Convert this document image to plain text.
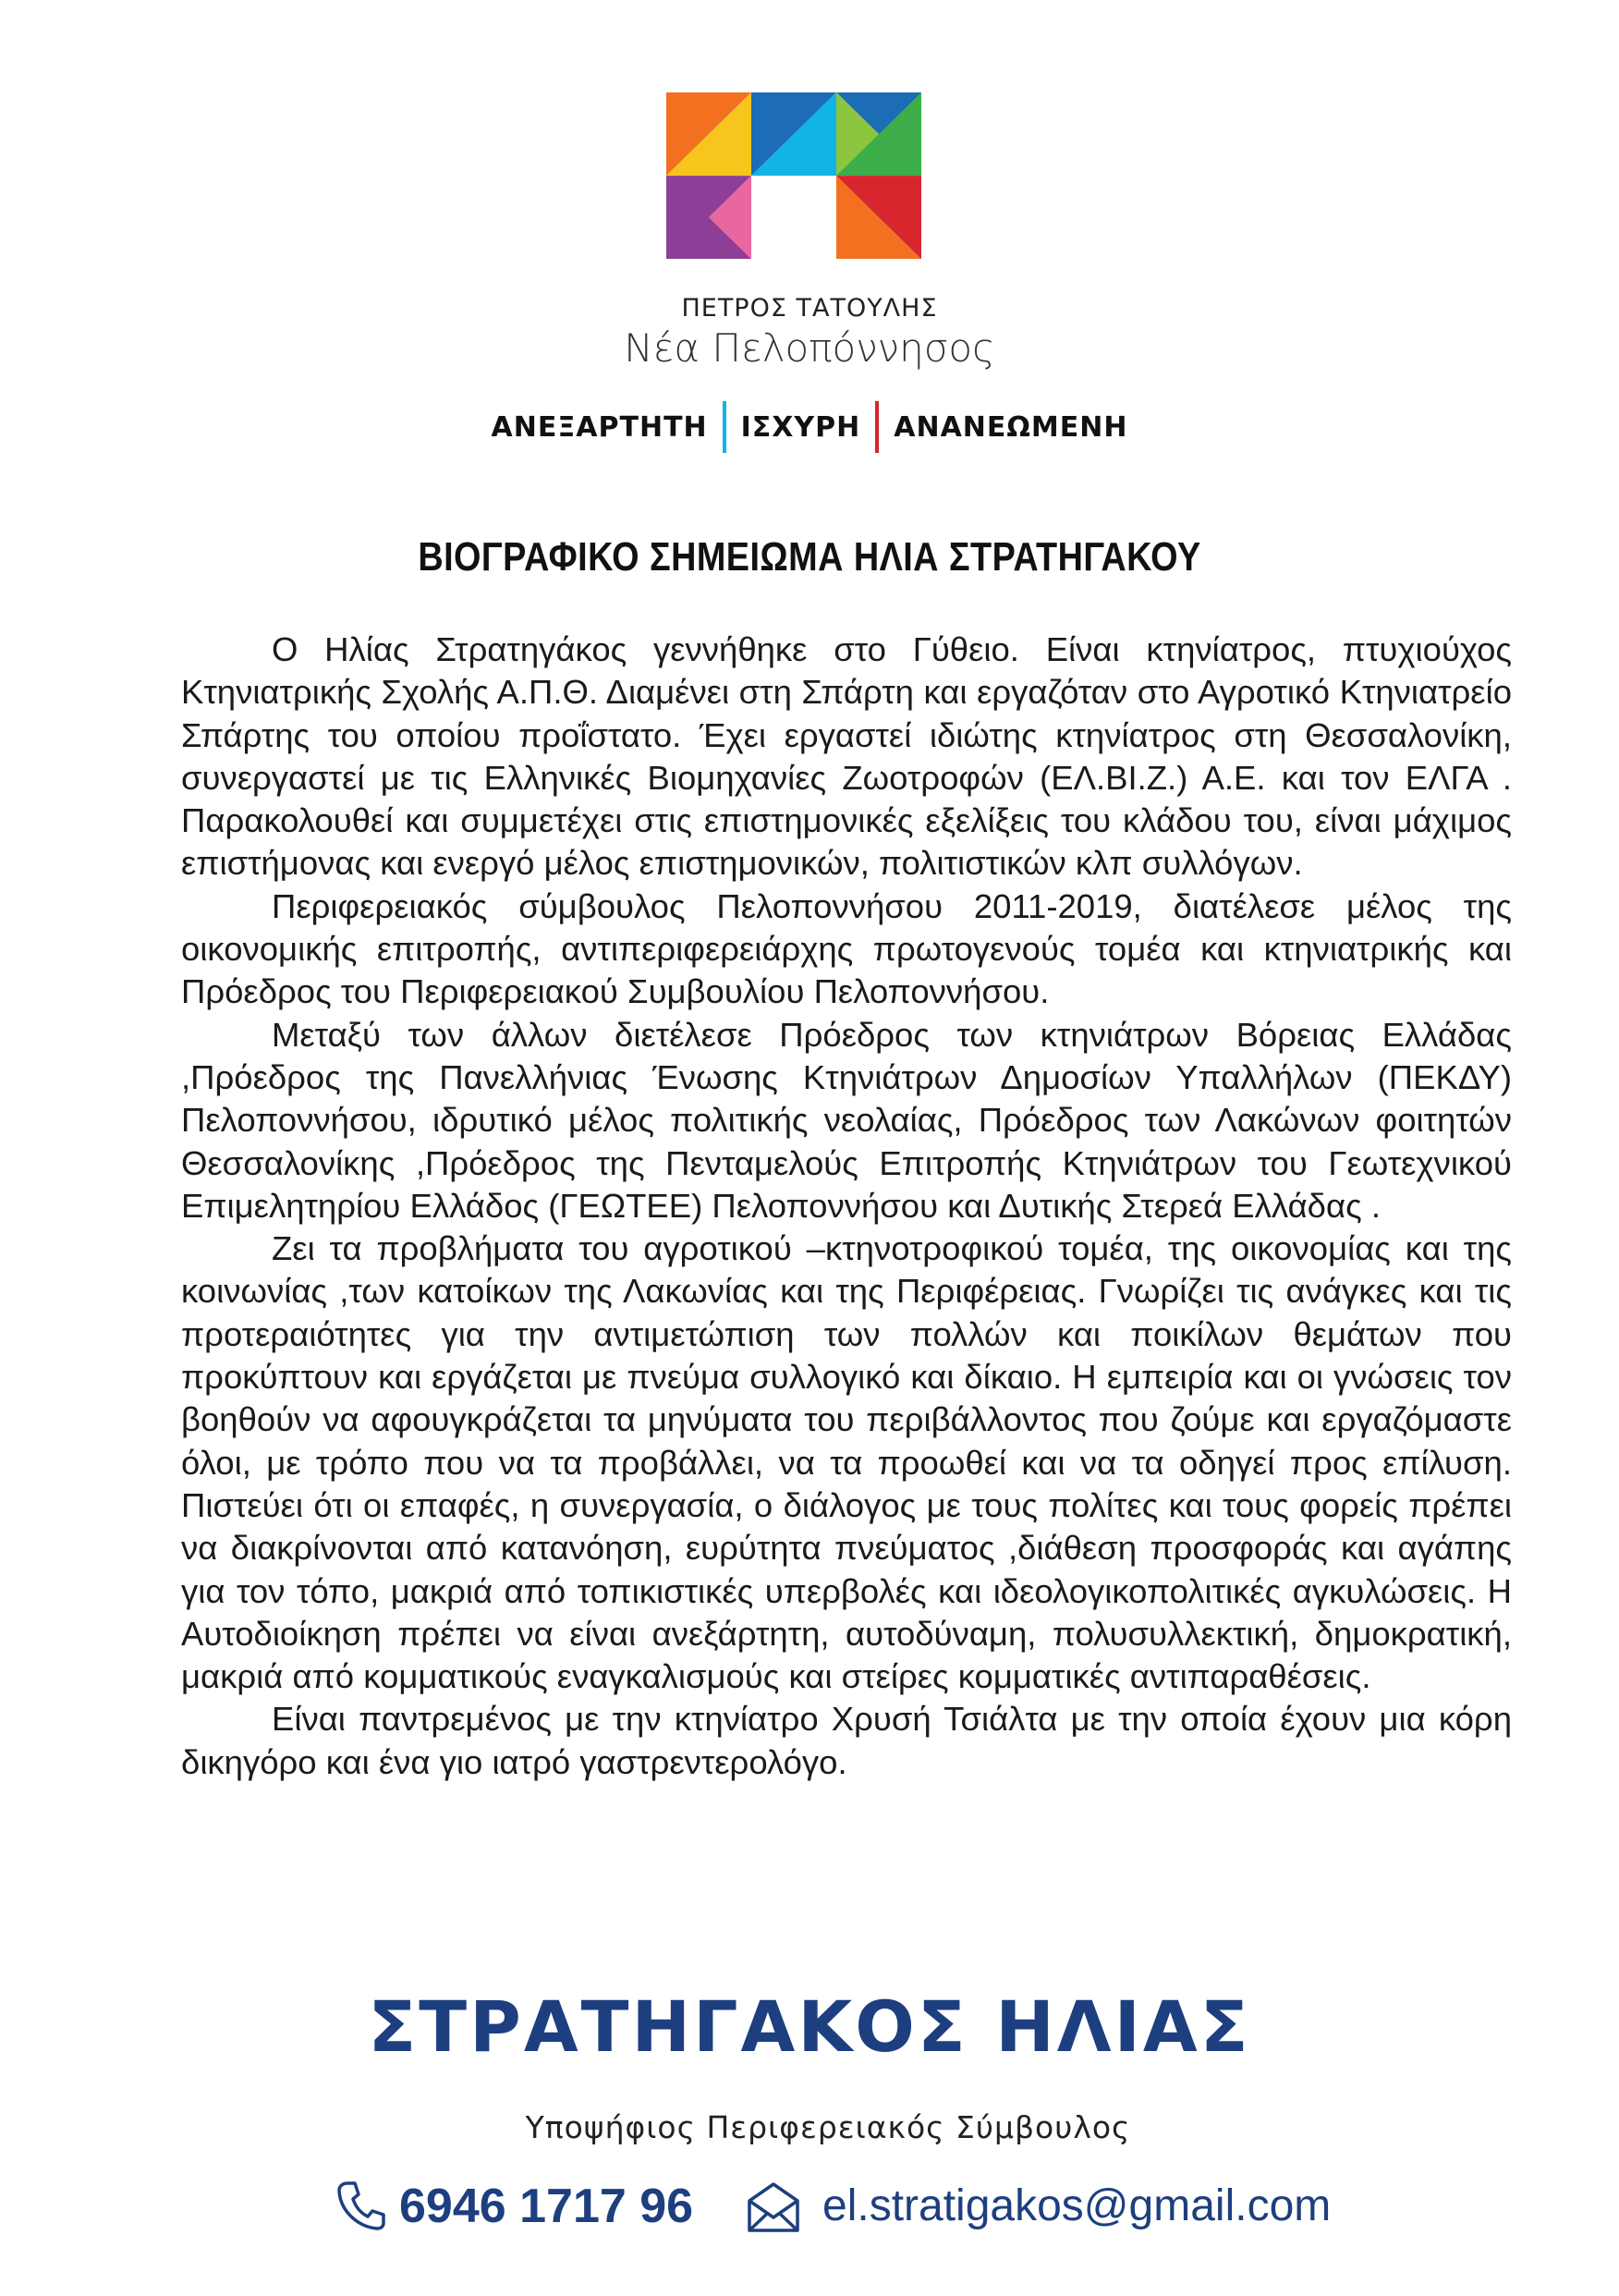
ΠΕΤΡΟΣ ΤΑΤΟΥΛΗΣ
Νέα Πελοπόννησος
ΑΝΕΞΑΡΤΗΤΗ ΙΣΧΥΡΗ ΑΝΑΝΕΩΜΕΝΗ
ΒΙΟΓΡΑΦΙΚΟ ΣΗΜΕΙΩΜΑ ΗΛΙΑ ΣΤΡΑΤΗΓΑΚΟΥ

Ο Ηλίας Στρατηγάκος γεννήθηκε στο Γύθειο. Είναι κτηνίατρος, πτυχιούχος Κτηνιατρικής Σχολής Α.Π.Θ. Διαμένει στη Σπάρτη και εργαζόταν στο Αγροτικό Κτηνιατρείο Σπάρτης του οποίου προΐστατο. Έχει εργαστεί ιδιώτης κτηνίατρος στη Θεσσαλονίκη, συνεργαστεί με τις Ελληνικές Βιομηχανίες Ζωοτροφών (ΕΛ.ΒΙ.Ζ.) Α.Ε. και τον ΕΛΓΑ . Παρακολουθεί και συμμετέχει στις επιστημονικές εξελίξεις του κλάδου του, είναι μάχιμος επιστήμονας και ενεργό μέλος επιστημονικών, πολιτιστικών κλπ συλλόγων.

Περιφερειακός σύμβουλος Πελοποννήσου 2011-2019, διατέλεσε μέλος της οικονομικής επιτροπής, αντιπεριφερειάρχης πρωτογενούς τομέα και κτηνιατρικής και Πρόεδρος του Περιφερειακού Συμβουλίου Πελοποννήσου.

Μεταξύ των άλλων διετέλεσε Πρόεδρος των κτηνιάτρων Βόρειας Ελλάδας ,Πρόεδρος της Πανελλήνιας Ένωσης Κτηνιάτρων Δημοσίων Υπαλλήλων (ΠΕΚΔΥ) Πελοποννήσου, ιδρυτικό μέλος πολιτικής νεολαίας, Πρόεδρος των Λακώνων φοιτητών Θεσσαλονίκης ,Πρόεδρος της Πενταμελούς Επιτροπής Κτηνιάτρων του Γεωτεχνικού Επιμελητηρίου Ελλάδος (ΓΕΩΤΕΕ) Πελοποννήσου και Δυτικής Στερεά Ελλάδας .

Ζει τα προβλήματα του αγροτικού –κτηνοτροφικού τομέα, της οικονομίας και της κοινωνίας ,των κατοίκων της Λακωνίας και της Περιφέρειας. Γνωρίζει τις ανάγκες και τις προτεραιότητες για την αντιμετώπιση των πολλών και ποικίλων θεμάτων που προκύπτουν και εργάζεται με πνεύμα συλλογικό και δίκαιο. Η εμπειρία και οι γνώσεις τον βοηθούν να αφουγκράζεται τα μηνύματα του περιβάλλοντος που ζούμε και εργαζόμαστε όλοι, με τρόπο που να τα προβάλλει, να τα προωθεί και να τα οδηγεί προς επίλυση. Πιστεύει ότι οι επαφές, η συνεργασία, ο διάλογος με τους πολίτες και τους φορείς πρέπει να διακρίνονται από κατανόηση, ευρύτητα πνεύματος ,διάθεση προσφοράς και αγάπης για τον τόπο, μακριά από τοπικιστικές υπερβολές και ιδεολογικοπολιτικές αγκυλώσεις. Η Αυτοδιοίκηση πρέπει να είναι ανεξάρτητη, αυτοδύναμη, πολυσυλλεκτική, δημοκρατική, μακριά από κομματικούς εναγκαλισμούς και στείρες κομματικές αντιπαραθέσεις.

Είναι παντρεμένος με την κτηνίατρο Χρυσή Τσιάλτα με την οποία έχουν μια κόρη δικηγόρο και ένα γιο ιατρό γαστρεντερολόγο.

ΣΤΡΑΤΗΓΑΚΟΣ ΗΛΙΑΣ
Υποψήφιος Περιφερειακός Σύμβουλος
6946 1717 96	el.stratigakos@gmail.com
